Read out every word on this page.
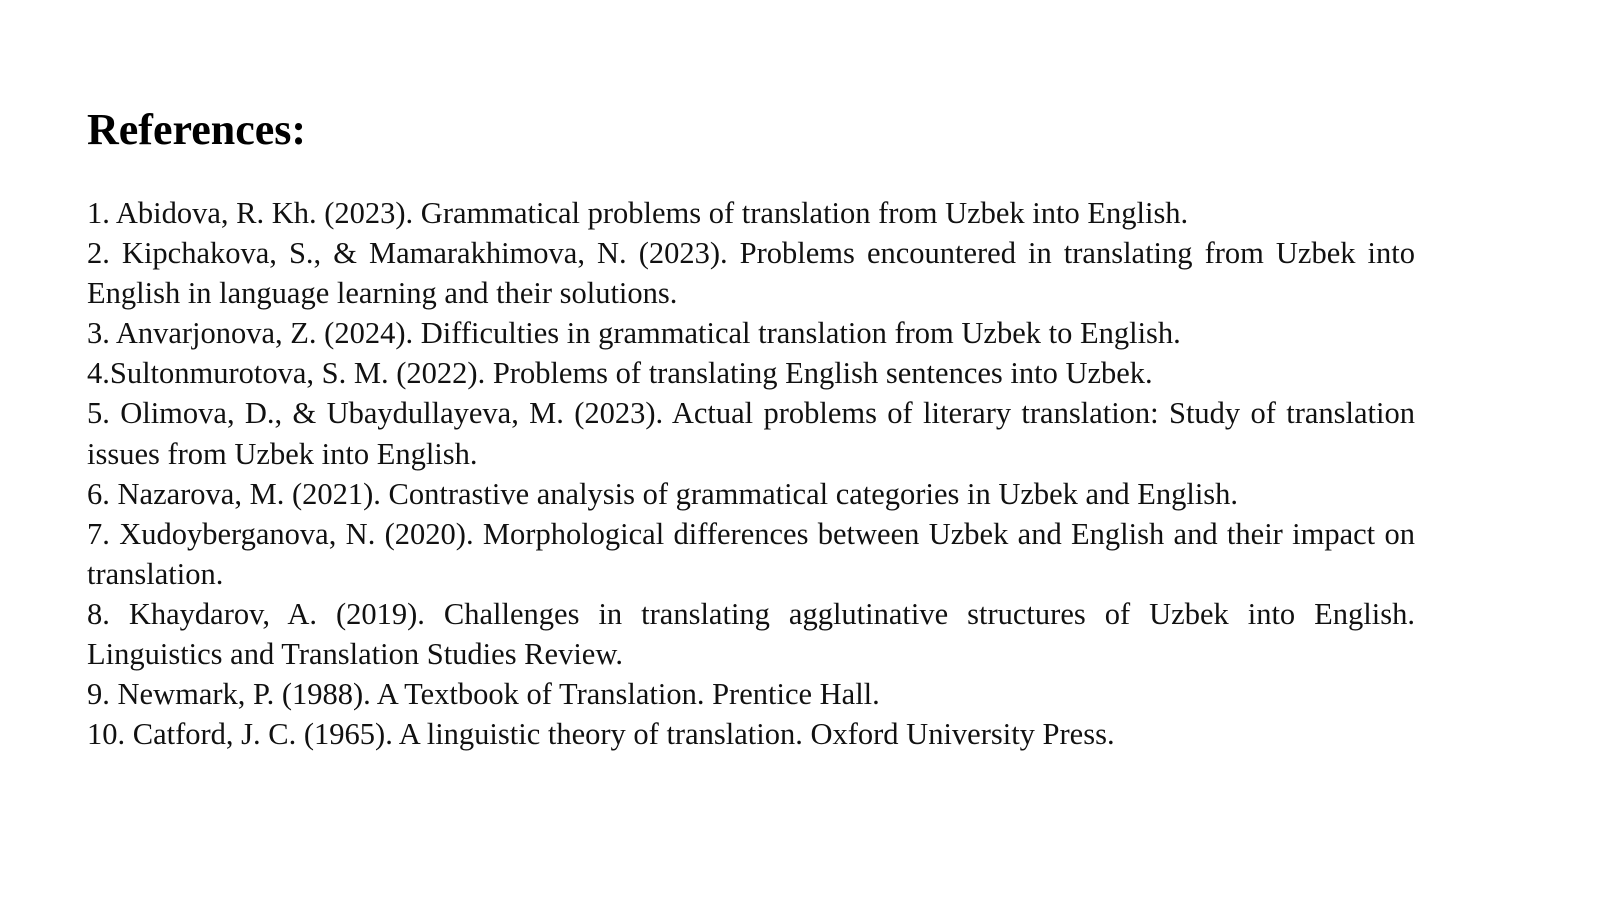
References:
1. Abidova, R. Kh. (2023). Grammatical problems of translation from Uzbek into English.
2. Kipchakova, S., & Mamarakhimova, N. (2023). Problems encountered in translating from Uzbek into English in language learning and their solutions.
3. Anvarjonova, Z. (2024). Difficulties in grammatical translation from Uzbek to English.
4.Sultonmurotova, S. M. (2022). Problems of translating English sentences into Uzbek.
5. Olimova, D., & Ubaydullayeva, M. (2023). Actual problems of literary translation: Study of translation issues from Uzbek into English.
6. Nazarova, M. (2021). Contrastive analysis of grammatical categories in Uzbek and English.
7. Xudoyberganova, N. (2020). Morphological differences between Uzbek and English and their impact on translation.
8. Khaydarov, A. (2019). Challenges in translating agglutinative structures of Uzbek into English. Linguistics and Translation Studies Review.
9. Newmark, P. (1988). A Textbook of Translation. Prentice Hall.
10. Catford, J. C. (1965). A linguistic theory of translation. Oxford University Press.
